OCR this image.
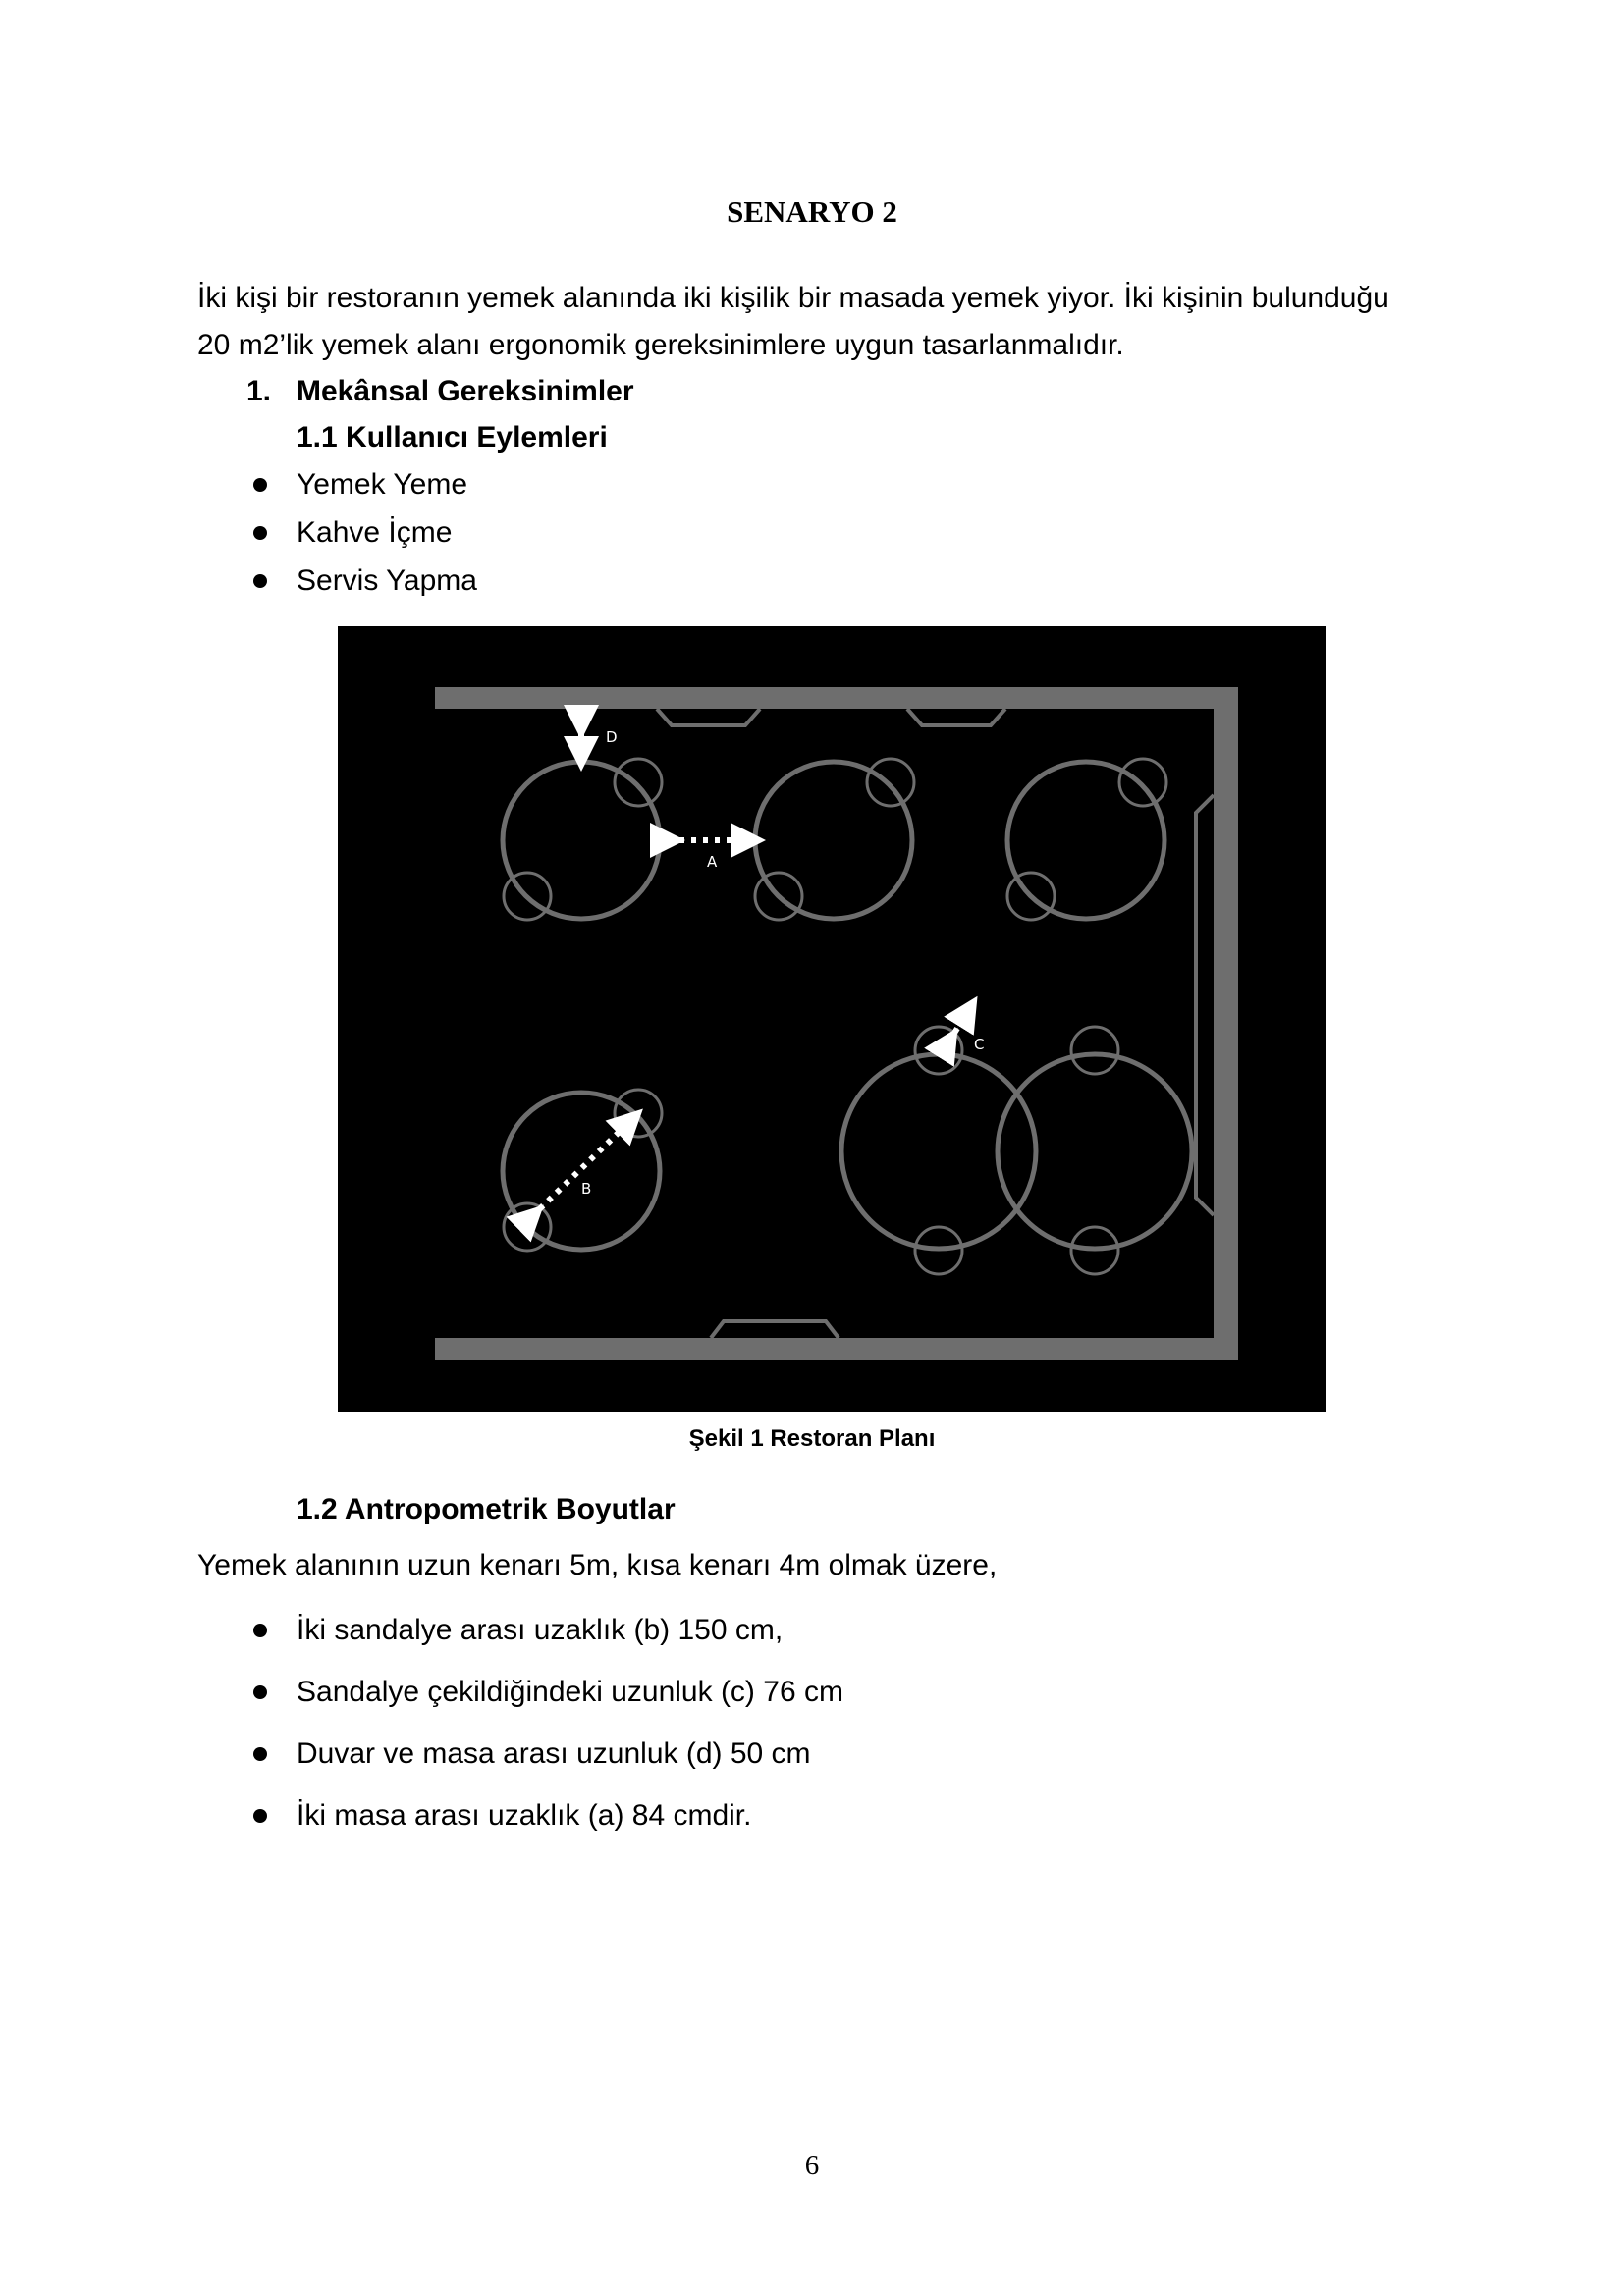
SENARYO 2
İki kişi bir restoranın yemek alanında iki kişilik bir masada yemek yiyor. İki kişinin bulunduğu
20 m2’lik yemek alanı ergonomik gereksinimlere uygun tasarlanmalıdır.
1. Mekânsal Gereksinimler
1.1 Kullanıcı Eylemleri
Yemek Yeme
Kahve İçme
Servis Yapma
A
B
C
D
Şekil 1 Restoran Planı
1.2 Antropometrik Boyutlar
Yemek alanının uzun kenarı 5m, kısa kenarı 4m olmak üzere,
İki sandalye arası uzaklık (b) 150 cm,
Sandalye çekildiğindeki uzunluk (c) 76 cm
Duvar ve masa arası uzunluk (d) 50 cm
İki masa arası uzaklık (a) 84 cmdir.
6
